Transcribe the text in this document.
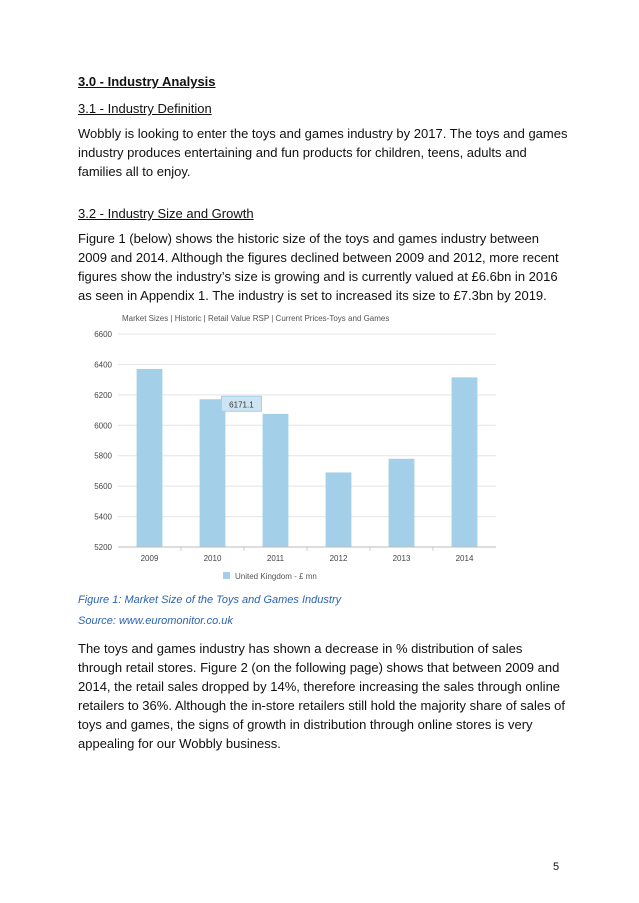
3.0 - Industry Analysis
3.1 - Industry Definition

Wobbly is looking to enter the toys and games industry by 2017. The toys and games industry produces entertaining and fun products for children, teens, adults and families all to enjoy.

3.2 - Industry Size and Growth

Figure 1 (below) shows the historic size of the toys and games industry between 2009 and 2014. Although the figures declined between 2009 and 2012, more recent figures show the industry’s size is growing and is currently valued at £6.6bn in 2016 as seen in Appendix 1. The industry is set to increased its size to £7.3bn by 2019.

Figure 1: Market Size of the Toys and Games Industry
Source: www.euromonitor.co.uk

The toys and games industry has shown a decrease in % distribution of sales through retail stores. Figure 2 (on the following page) shows that between 2009 and 2014, the retail sales dropped by 14%, therefore increasing the sales through online retailers to 36%. Although the in-store retailers still hold the majority share of sales of toys and games, the signs of growth in distribution through online stores is very appealing for our Wobbly business.

Market Sizes | Historic | Retail Value RSP | Current Prices-Toys and Games
6171.1
5200
5400
5600
5800
6000
6200
6400
6600
2009	2010	2011	2012	2013	2014
United Kingdom - £ mn
5
